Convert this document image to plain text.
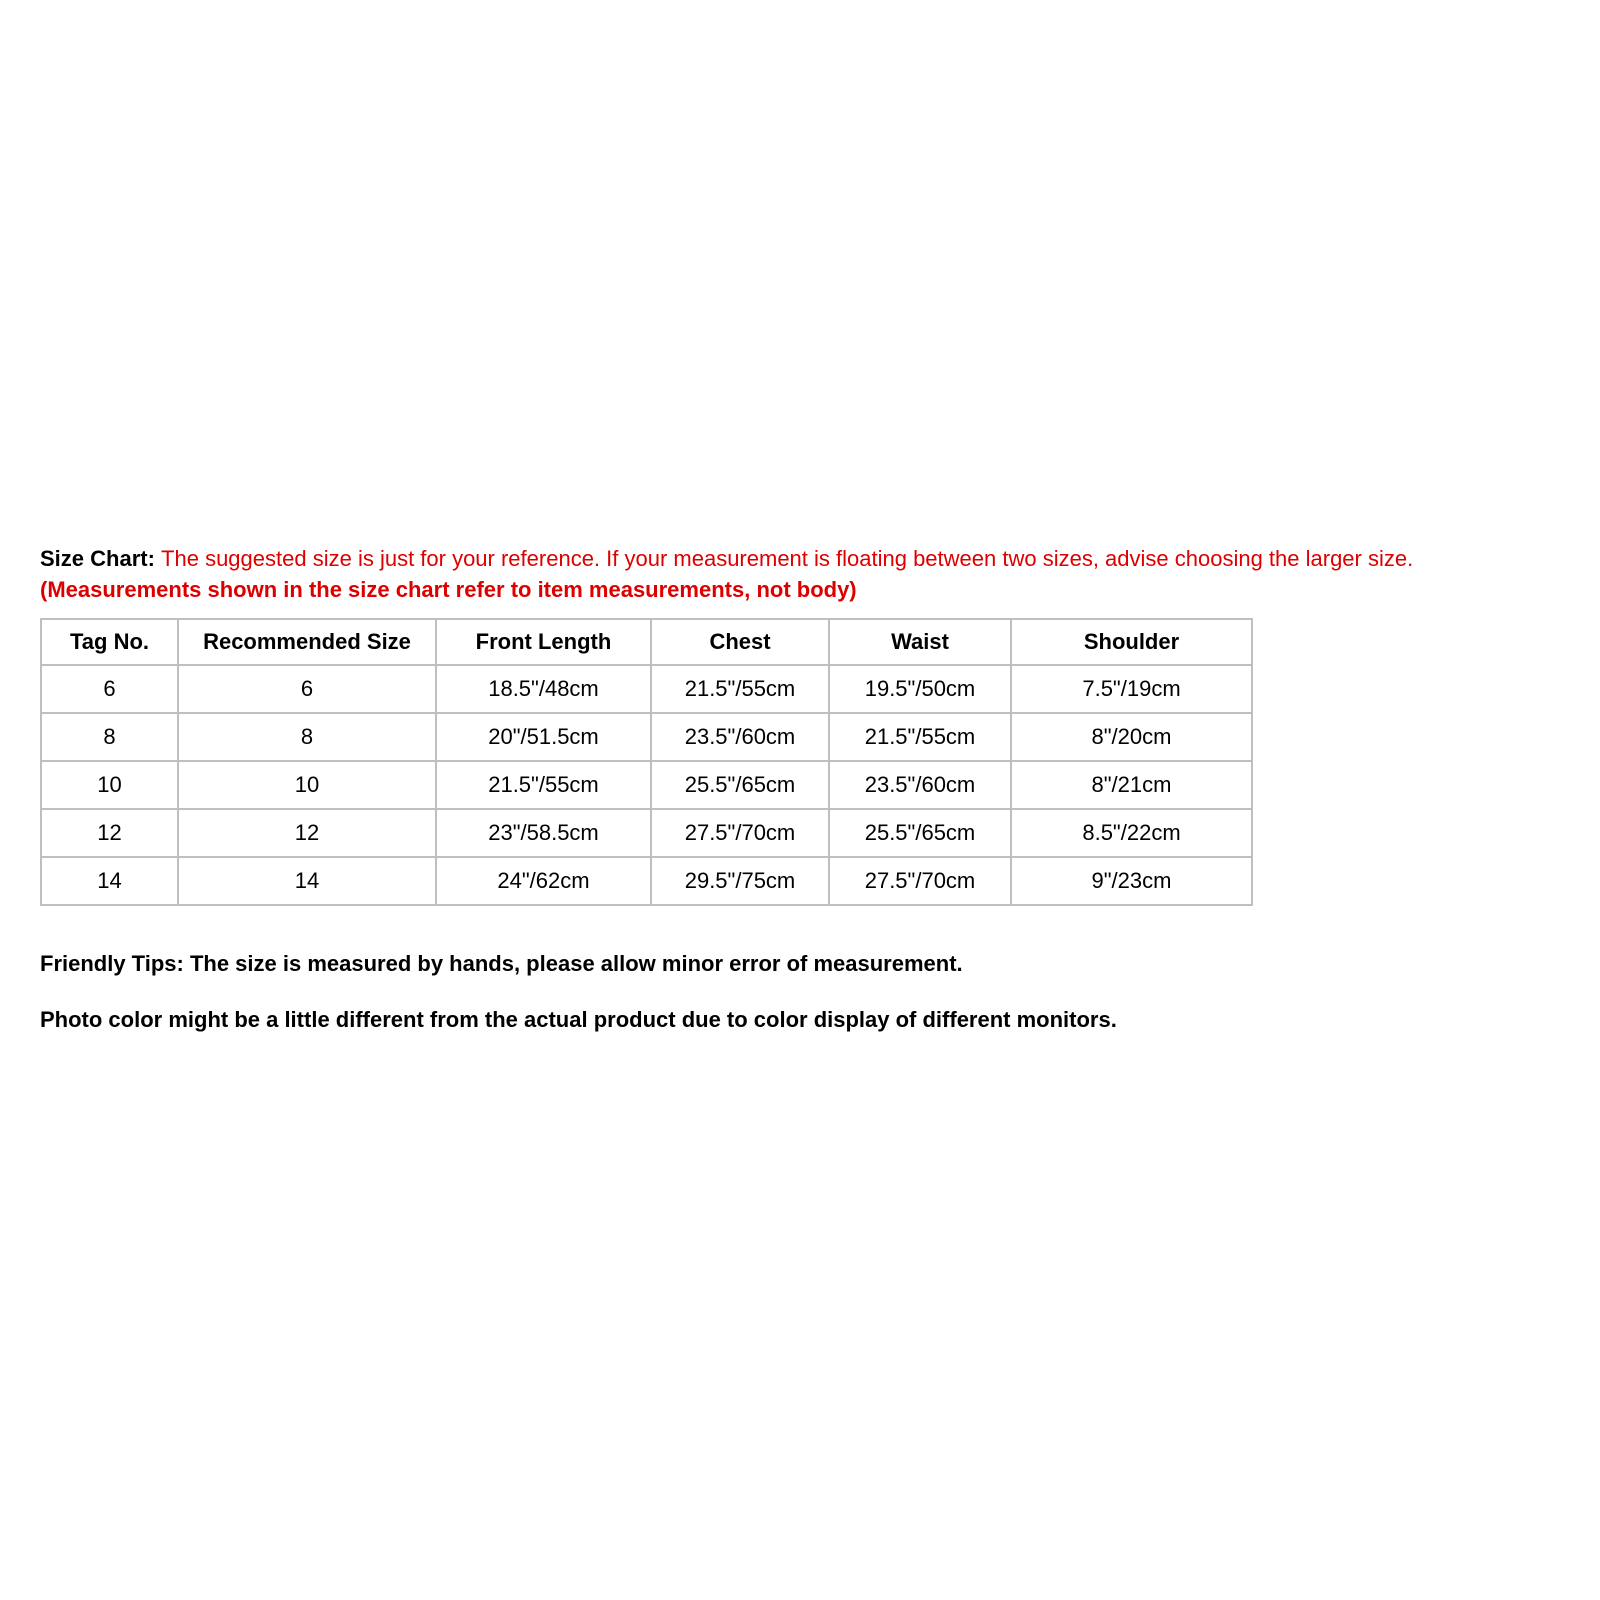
Size Chart: The suggested size is just for your reference. If your measurement is floating between two sizes, advise choosing the larger size. (Measurements shown in the size chart refer to item measurements, not body)

Tag No.	Recommended Size	Front Length	Chest	Waist	Shoulder
6	6	18.5"/48cm	21.5"/55cm	19.5"/50cm	7.5"/19cm
8	8	20"/51.5cm	23.5"/60cm	21.5"/55cm	8"/20cm
10	10	21.5"/55cm	25.5"/65cm	23.5"/60cm	8"/21cm
12	12	23"/58.5cm	27.5"/70cm	25.5"/65cm	8.5"/22cm
14	14	24"/62cm	29.5"/75cm	27.5"/70cm	9"/23cm

Friendly Tips: The size is measured by hands, please allow minor error of measurement.

Photo color might be a little different from the actual product due to color display of different monitors.
